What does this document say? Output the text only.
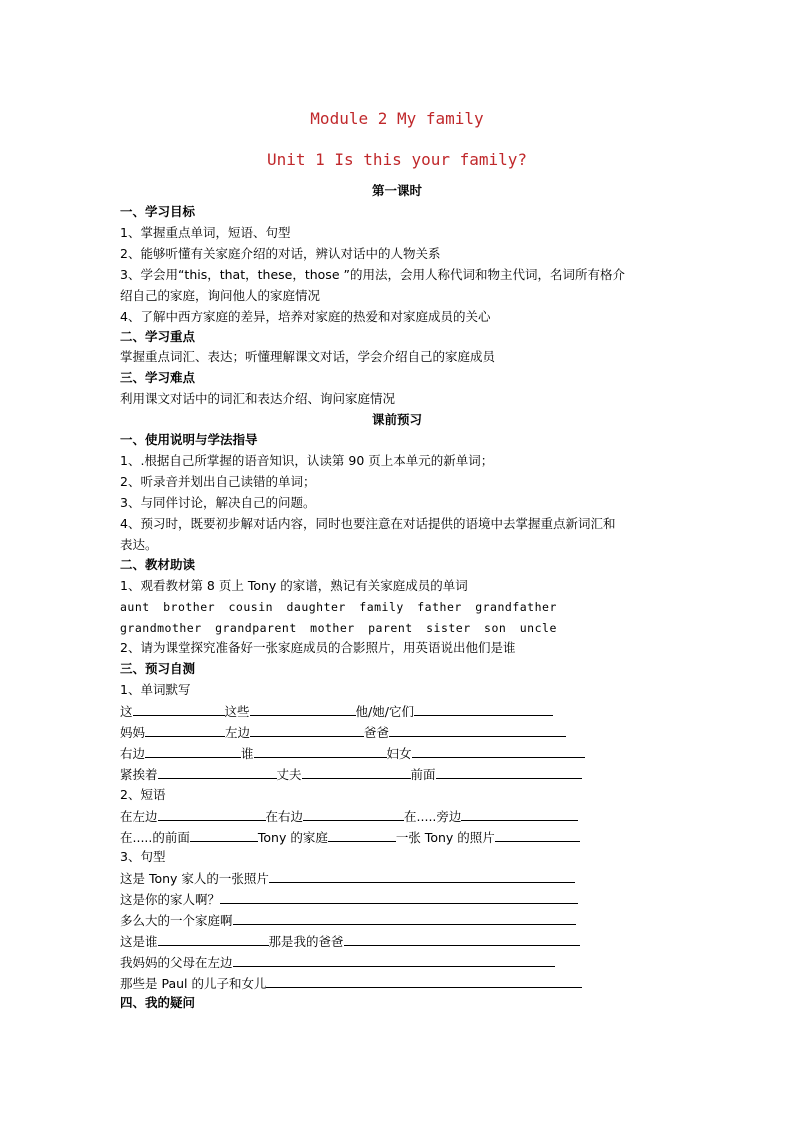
Module 2 My family
Unit 1 Is this your family?
第一课时
一、学习目标
1、掌握重点单词，短语、句型
2、能够听懂有关家庭介绍的对话，辨认对话中的人物关系
3、学会用“this，that，these，those ”的用法，会用人称代词和物主代词，名词所有格介
绍自己的家庭，询问他人的家庭情况
4、了解中西方家庭的差异，培养对家庭的热爱和对家庭成员的关心
二、学习重点
掌握重点词汇、表达；听懂理解课文对话，学会介绍自己的家庭成员
三、学习难点
利用课文对话中的词汇和表达介绍、询问家庭情况
课前预习
一、使用说明与学法指导
1、.根据自己所掌握的语音知识，认读第 90 页上本单元的新单词；
2、听录音并划出自己读错的单词；
3、与同伴讨论，解决自己的问题。
4、预习时，既要初步解对话内容，同时也要注意在对话提供的语境中去掌握重点新词汇和
表达。
二、教材助读
1、观看教材第 8 页上 Tony 的家谱，熟记有关家庭成员的单词
aunt brother cousin daughter family father grandfather
grandmother grandparent mother parent sister son uncle
2、请为课堂探究准备好一张家庭成员的合影照片，用英语说出他们是谁
三、预习自测
1、单词默写
这	这些	他/她/它们
妈妈	左边	爸爸
右边	谁	妇女
紧挨着	丈夫	前面
2、短语
在左边	在右边	在.....旁边
在.....的前面	Tony 的家庭	一张 Tony 的照片
3、句型
这是 Tony 家人的一张照片
这是你的家人啊？
多么大的一个家庭啊
这是谁	那是我的爸爸
我妈妈的父母在左边
那些是 Paul 的儿子和女儿
四、我的疑问
